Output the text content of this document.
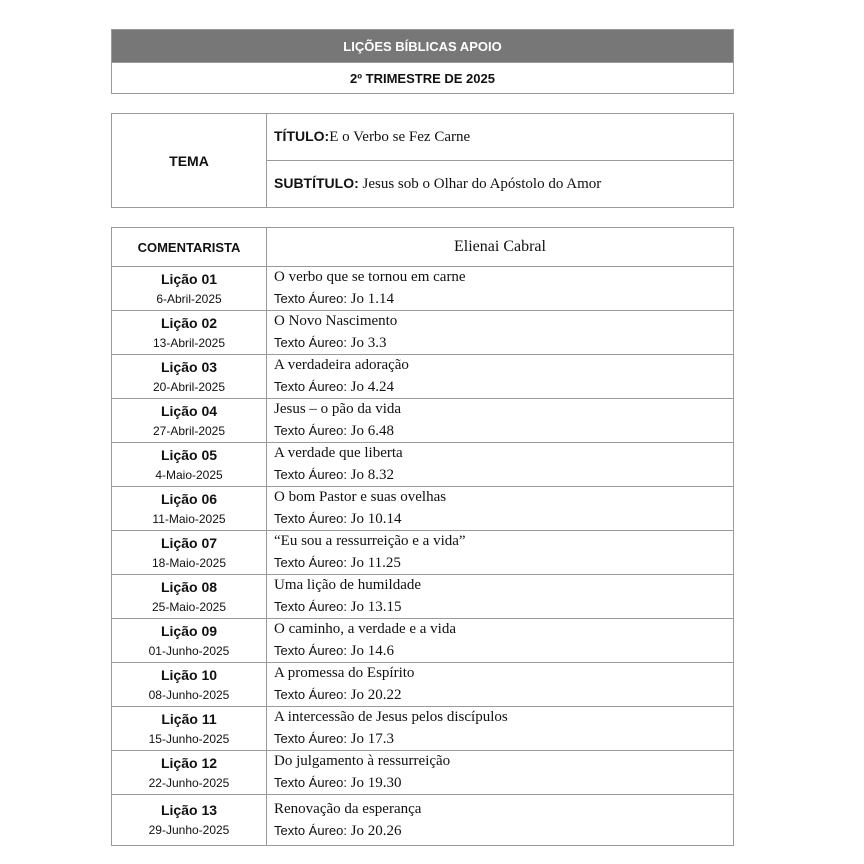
LIÇÕES BÍBLICAS APOIO
2º TRIMESTRE DE 2025
TEMA	TÍTULO:E o Verbo se Fez Carne
SUBTÍTULO: Jesus sob o Olhar do Apóstolo do Amor
COMENTARISTA	Elienai Cabral

Lição 01
6-Abril-2025	O verbo que se tornou em carne
Texto Áureo: Jo 1.14

Lição 02
13-Abril-2025	O Novo Nascimento
Texto Áureo: Jo 3.3

Lição 03
20-Abril-2025	A verdadeira adoração
Texto Áureo: Jo 4.24

Lição 04
27-Abril-2025	Jesus – o pão da vida
Texto Áureo: Jo 6.48

Lição 05
4-Maio-2025	A verdade que liberta
Texto Áureo: Jo 8.32

Lição 06
11-Maio-2025	O bom Pastor e suas ovelhas
Texto Áureo: Jo 10.14

Lição 07
18-Maio-2025	“Eu sou a ressurreição e a vida”
Texto Áureo: Jo 11.25

Lição 08
25-Maio-2025	Uma lição de humildade
Texto Áureo: Jo 13.15

Lição 09
01-Junho-2025	O caminho, a verdade e a vida
Texto Áureo: Jo 14.6

Lição 10
08-Junho-2025	A promessa do Espírito
Texto Áureo: Jo 20.22

Lição 11
15-Junho-2025	A intercessão de Jesus pelos discípulos
Texto Áureo: Jo 17.3

Lição 12
22-Junho-2025	Do julgamento à ressurreição
Texto Áureo: Jo 19.30

Lição 13
29-Junho-2025	Renovação da esperança
Texto Áureo: Jo 20.26
